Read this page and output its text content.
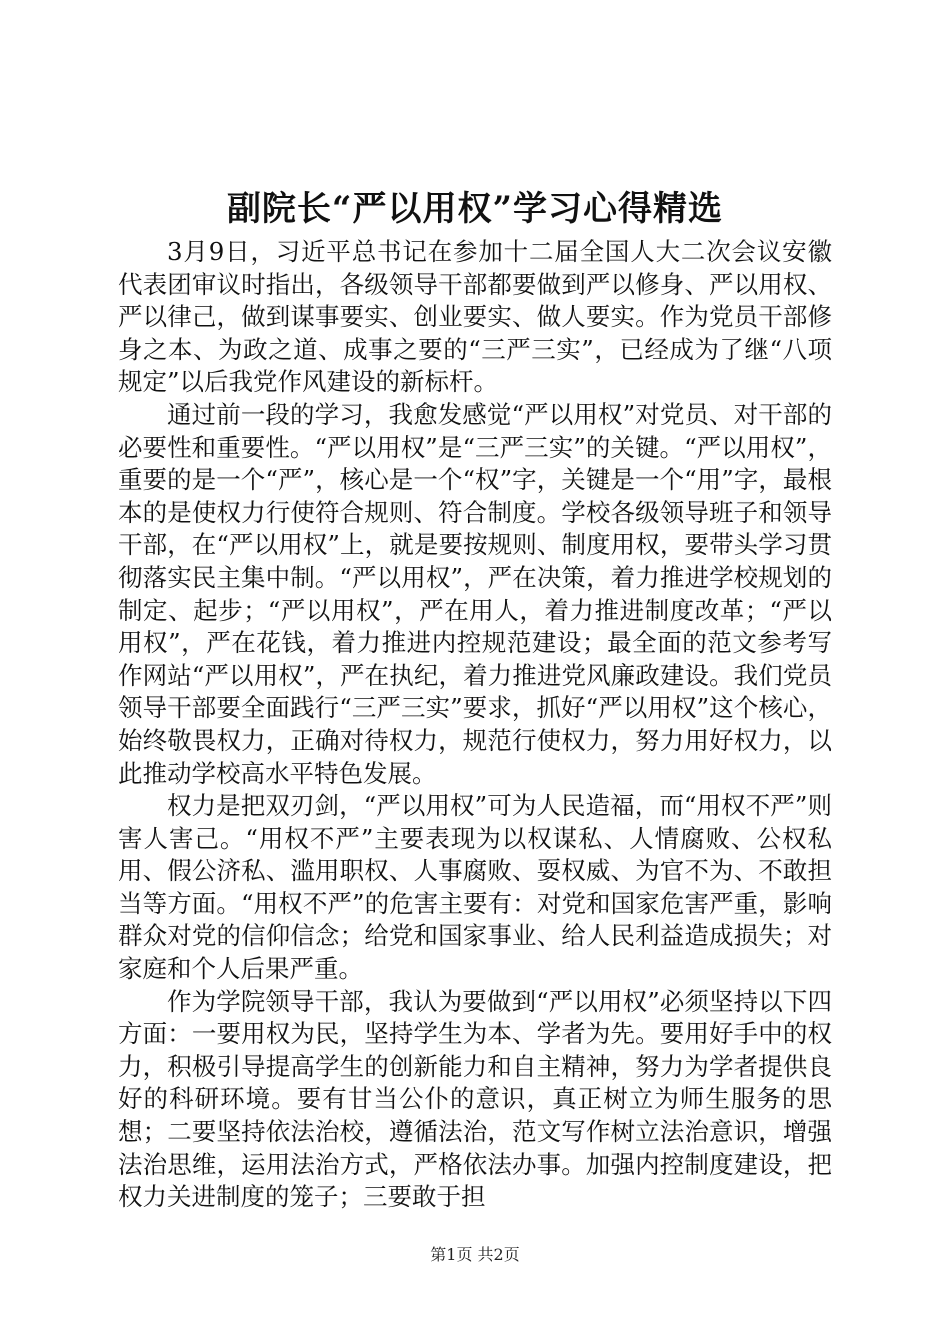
副院长“严以用权”学习心得精选

3月9日，习近平总书记在参加十二届全国人大二次会议安徽代表团审议时指出，各级领导干部都要做到严以修身、严以用权、严以律己，做到谋事要实、创业要实、做人要实。作为党员干部修身之本、为政之道、成事之要的“三严三实”，已经成为了继“八项规定”以后我党作风建设的新标杆。

通过前一段的学习，我愈发感觉“严以用权”对党员、对干部的必要性和重要性。“严以用权”是“三严三实”的关键。“严以用权”，重要的是一个“严”，核心是一个“权”字，关键是一个“用”字，最根本的是使权力行使符合规则、符合制度。学校各级领导班子和领导干部，在“严以用权”上，就是要按规则、制度用权，要带头学习贯彻落实民主集中制。“严以用权”，严在决策，着力推进学校规划的制定、起步；“严以用权”，严在用人，着力推进制度改革；“严以用权”，严在花钱，着力推进内控规范建设；最全面的范文参考写作网站“严以用权”，严在执纪，着力推进党风廉政建设。我们党员领导干部要全面践行“三严三实”要求，抓好“严以用权”这个核心，始终敬畏权力，正确对待权力，规范行使权力，努力用好权力，以此推动学校高水平特色发展。

权力是把双刃剑，“严以用权”可为人民造福，而“用权不严”则害人害己。“用权不严”主要表现为以权谋私、人情腐败、公权私用、假公济私、滥用职权、人事腐败、耍权威、为官不为、不敢担当等方面。“用权不严”的危害主要有：对党和国家危害严重，影响群众对党的信仰信念；给党和国家事业、给人民利益造成损失；对家庭和个人后果严重。

作为学院领导干部，我认为要做到“严以用权”必须坚持以下四方面：一要用权为民，坚持学生为本、学者为先。要用好手中的权力，积极引导提高学生的创新能力和自主精神，努力为学者提供良好的科研环境。要有甘当公仆的意识，真正树立为师生服务的思想；二要坚持依法治校，遵循法治，范文写作树立法治意识，增强法治思维，运用法治方式，严格依法办事。加强内控制度建设，把权力关进制度的笼子；三要敢于担

第1页 共2页
